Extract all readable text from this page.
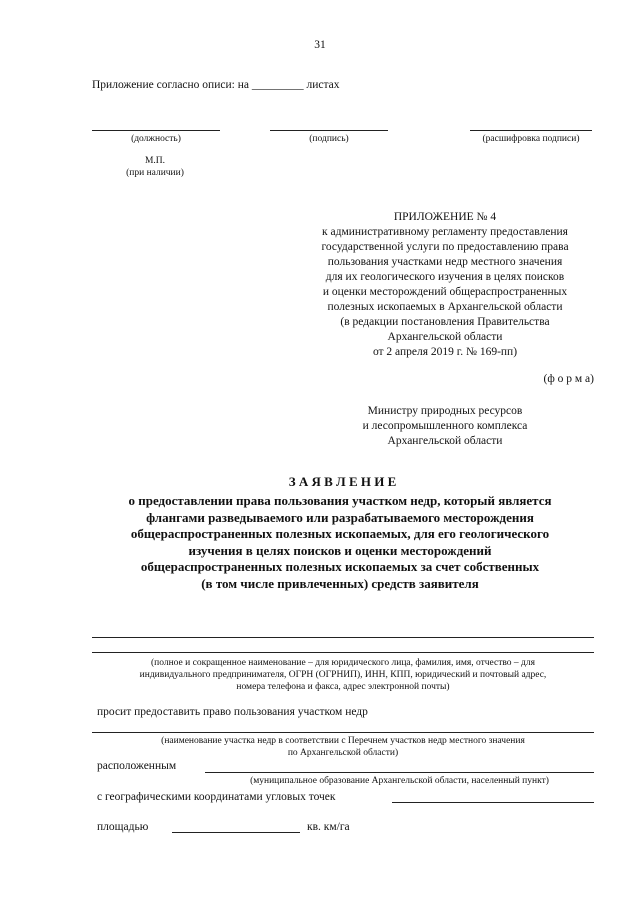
31
Приложение согласно описи: на _________ листах
(должность)	(подпись)	(расшифровка подписи)
М.П.
(при наличии)
ПРИЛОЖЕНИЕ № 4
к административному регламенту предоставления
государственной услуги по предоставлению права
пользования участками недр местного значения
для их геологического изучения в целях поисков
и оценки месторождений общераспространенных
полезных ископаемых в Архангельской области
(в редакции постановления Правительства
Архангельской области
от 2 апреля 2019 г. № 169-пп)
(ф о р м а)
Министру природных ресурсов
и лесопромышленного комплекса
Архангельской области
З А Я В Л Е Н И Е
о предоставлении права пользования участком недр, который является
флангами разведываемого или разрабатываемого месторождения
общераспространенных полезных ископаемых, для его геологического
изучения в целях поисков и оценки месторождений
общераспространенных полезных ископаемых за счет собственных
(в том числе привлеченных) средств заявителя
(полное и сокращенное наименование – для юридического лица, фамилия, имя, отчество – для
индивидуального предпринимателя, ОГРН (ОГРНИП), ИНН, КПП, юридический и почтовый адрес,
номера телефона и факса, адрес электронной почты)
просит предоставить право пользования участком недр
(наименование участка недр в соответствии с Перечнем участков недр местного значения
по Архангельской области)
расположенным
(муниципальное образование Архангельской области, населенный пункт)
с географическими координатами угловых точек
площадью	кв. км/га
